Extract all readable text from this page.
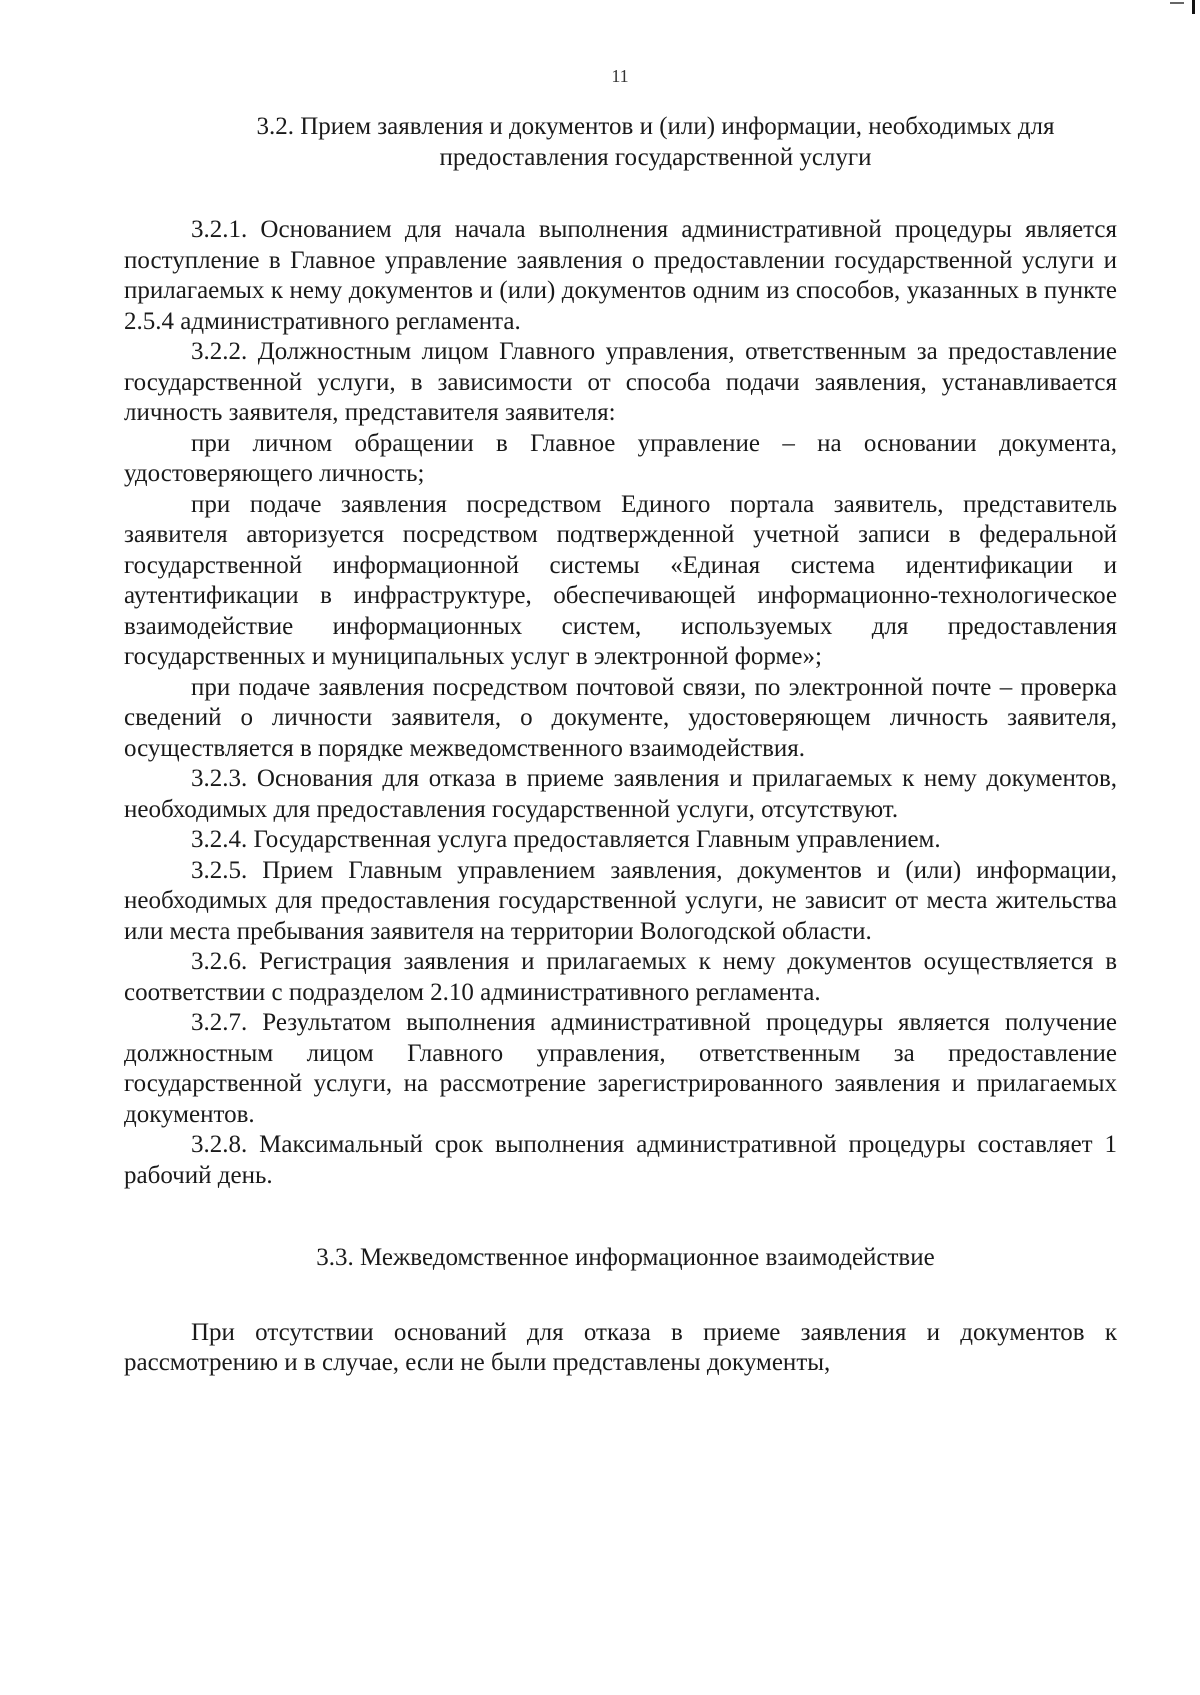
11
3.2. Прием заявления и документов и (или) информации, необходимых для предоставления государственной услуги

3.2.1. Основанием для начала выполнения административной процедуры является поступление в Главное управление заявления о предоставлении государственной услуги и прилагаемых к нему документов и (или) документов одним из способов, указанных в пункте 2.5.4 административного регламента.

3.2.2. Должностным лицом Главного управления, ответственным за предоставление государственной услуги, в зависимости от способа подачи заявления, устанавливается личность заявителя, представителя заявителя:

при личном обращении в Главное управление – на основании документа, удостоверяющего личность;

при подаче заявления посредством Единого портала заявитель, представитель заявителя авторизуется посредством подтвержденной учетной записи в федеральной государственной информационной системы «Единая система идентификации и аутентификации в инфраструктуре, обеспечивающей информационно-технологическое взаимодействие информационных систем, используемых для предоставления государственных и муниципальных услуг в электронной форме»;

при подаче заявления посредством почтовой связи, по электронной почте – проверка сведений о личности заявителя, о документе, удостоверяющем личность заявителя, осуществляется в порядке межведомственного взаимодействия.

3.2.3. Основания для отказа в приеме заявления и прилагаемых к нему документов, необходимых для предоставления государственной услуги, отсутствуют.

3.2.4. Государственная услуга предоставляется Главным управлением.

3.2.5. Прием Главным управлением заявления, документов и (или) информации, необходимых для предоставления государственной услуги, не зависит от места жительства или места пребывания заявителя на территории Вологодской области.

3.2.6. Регистрация заявления и прилагаемых к нему документов осуществляется в соответствии с подразделом 2.10 административного регламента.

3.2.7. Результатом выполнения административной процедуры является получение должностным лицом Главного управления, ответственным за предоставление государственной услуги, на рассмотрение зарегистрированного заявления и прилагаемых документов.

3.2.8. Максимальный срок выполнения административной процедуры составляет 1 рабочий день.

3.3. Межведомственное информационное взаимодействие

При отсутствии оснований для отказа в приеме заявления и документов к рассмотрению и в случае, если не были представлены документы,
